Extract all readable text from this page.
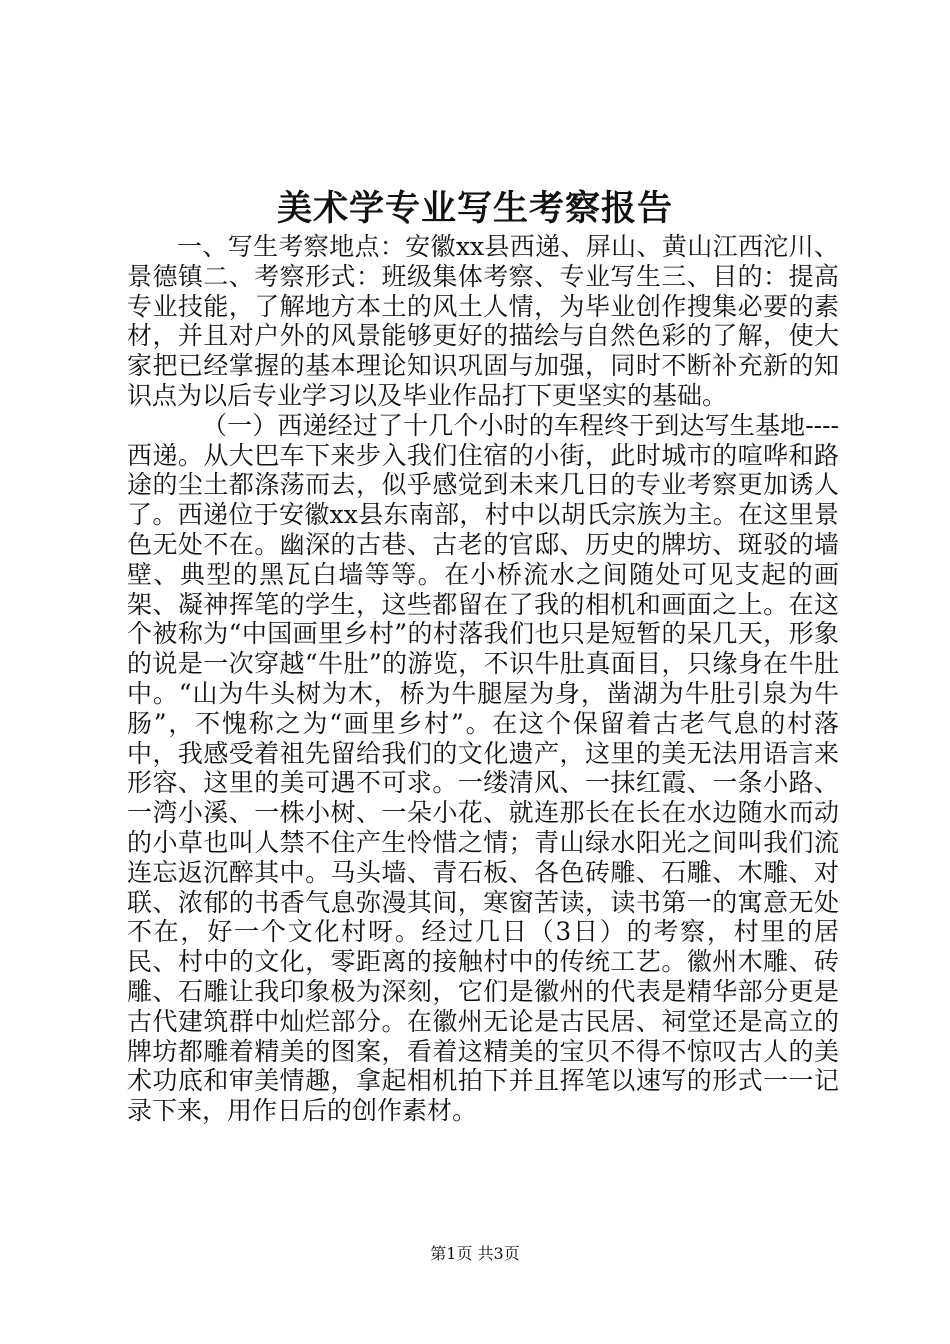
美术学专业写生考察报告

一、写生考察地点：安徽xx县西递、屏山、黄山江西沱川、景德镇二、考察形式：班级集体考察、专业写生三、目的：提高专业技能，了解地方本土的风土人情，为毕业创作搜集必要的素材，并且对户外的风景能够更好的描绘与自然色彩的了解，使大家把已经掌握的基本理论知识巩固与加强，同时不断补充新的知识点为以后专业学习以及毕业作品打下更坚实的基础。

（一）西递经过了十几个小时的车程终于到达写生基地----西递。从大巴车下来步入我们住宿的小街，此时城市的喧哗和路途的尘土都涤荡而去，似乎感觉到未来几日的专业考察更加诱人了。西递位于安徽xx县东南部，村中以胡氏宗族为主。在这里景色无处不在。幽深的古巷、古老的官邸、历史的牌坊、斑驳的墙壁、典型的黑瓦白墙等等。在小桥流水之间随处可见支起的画架、凝神挥笔的学生，这些都留在了我的相机和画面之上。在这个被称为“中国画里乡村”的村落我们也只是短暂的呆几天，形象的说是一次穿越“牛肚”的游览，不识牛肚真面目，只缘身在牛肚中。“山为牛头树为木，桥为牛腿屋为身，凿湖为牛肚引泉为牛肠”，不愧称之为“画里乡村”。在这个保留着古老气息的村落中，我感受着祖先留给我们的文化遗产，这里的美无法用语言来形容、这里的美可遇不可求。一缕清风、一抹红霞、一条小路、一湾小溪、一株小树、一朵小花、就连那长在长在水边随水而动的小草也叫人禁不住产生怜惜之情；青山绿水阳光之间叫我们流连忘返沉醉其中。马头墙、青石板、各色砖雕、石雕、木雕、对联、浓郁的书香气息弥漫其间，寒窗苦读，读书第一的寓意无处不在，好一个文化村呀。经过几日（3日）的考察，村里的居民、村中的文化，零距离的接触村中的传统工艺。徽州木雕、砖雕、石雕让我印象极为深刻，它们是徽州的代表是精华部分更是古代建筑群中灿烂部分。在徽州无论是古民居、祠堂还是高立的牌坊都雕着精美的图案，看着这精美的宝贝不得不惊叹古人的美术功底和审美情趣，拿起相机拍下并且挥笔以速写的形式一一记录下来，用作日后的创作素材。

第1页 共3页
